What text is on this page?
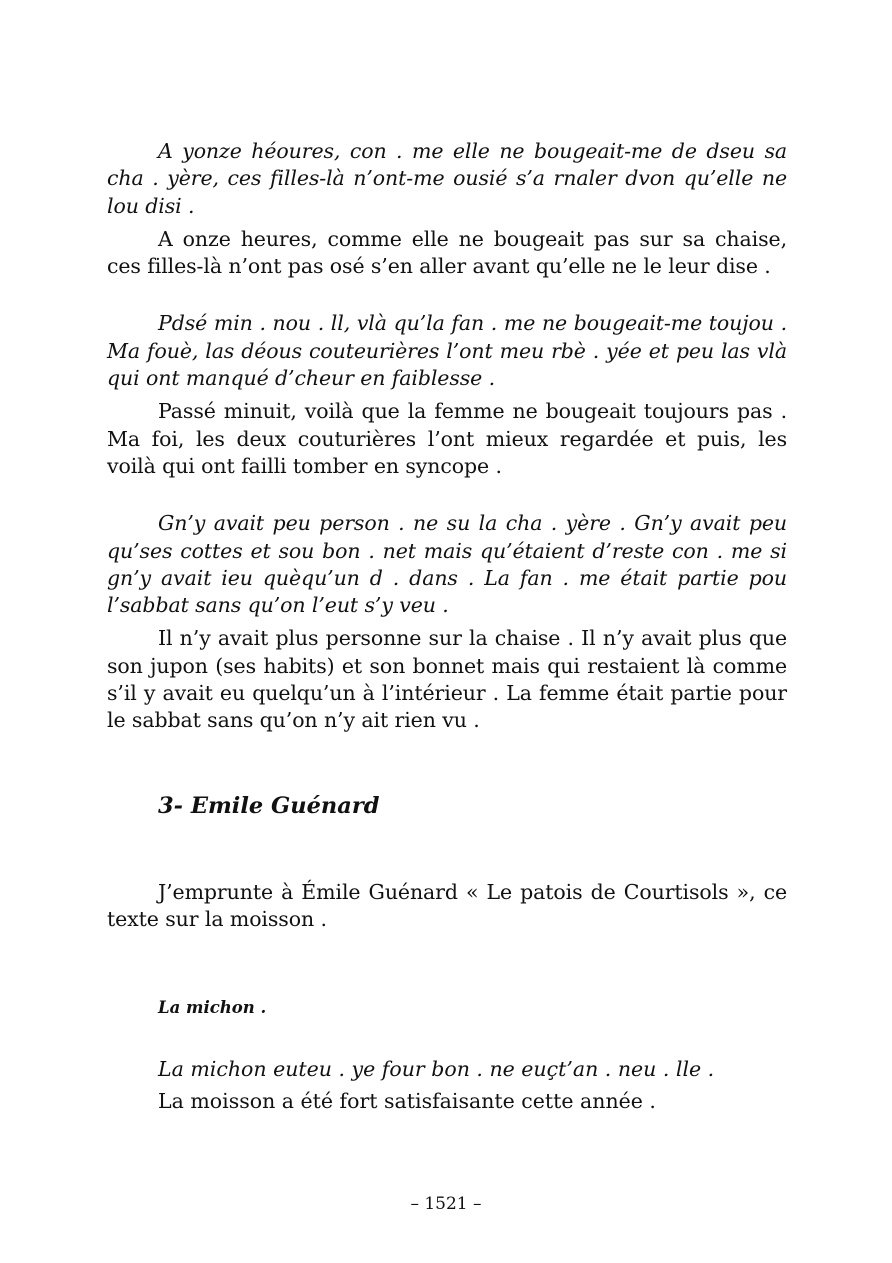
A yonze héoures, con . me elle ne bougeait-me de dseu sa cha . yère, ces filles-là n’ont-me ousié s’a rnaler dvon qu’elle ne lou disi .

A onze heures, comme elle ne bougeait pas sur sa chaise, ces filles-là n’ont pas osé s’en aller avant qu’elle ne le leur dise .

Pdsé min . nou . ll, vlà qu’la fan . me ne bougeait-me toujou . Ma fouè, las déous couteurières l’ont meu rbè . yée et peu las vlà qui ont manqué d’cheur en faiblesse .

Passé minuit, voilà que la femme ne bougeait toujours pas . Ma foi, les deux couturières l’ont mieux regardée et puis, les voilà qui ont failli tomber en syncope .

Gn’y avait peu person . ne su la cha . yère . Gn’y avait peu qu’ses cottes et sou bon . net mais qu’étaient d’reste con . me si gn’y avait ieu quèqu’un d . dans . La fan . me était partie pou l’sabbat sans qu’on l’eut s’y veu .

Il n’y avait plus personne sur la chaise . Il n’y avait plus que son jupon (ses habits) et son bonnet mais qui restaient là comme s’il y avait eu quelqu’un à l’intérieur . La femme était partie pour le sabbat sans qu’on n’y ait rien vu .

3- Emile Guénard

J’emprunte à Émile Guénard « Le patois de Courtisols », ce texte sur la moisson .

La michon .

La michon euteu . ye four bon . ne euçt’an . neu . lle .

La moisson a été fort satisfaisante cette année .

– 1521 –
